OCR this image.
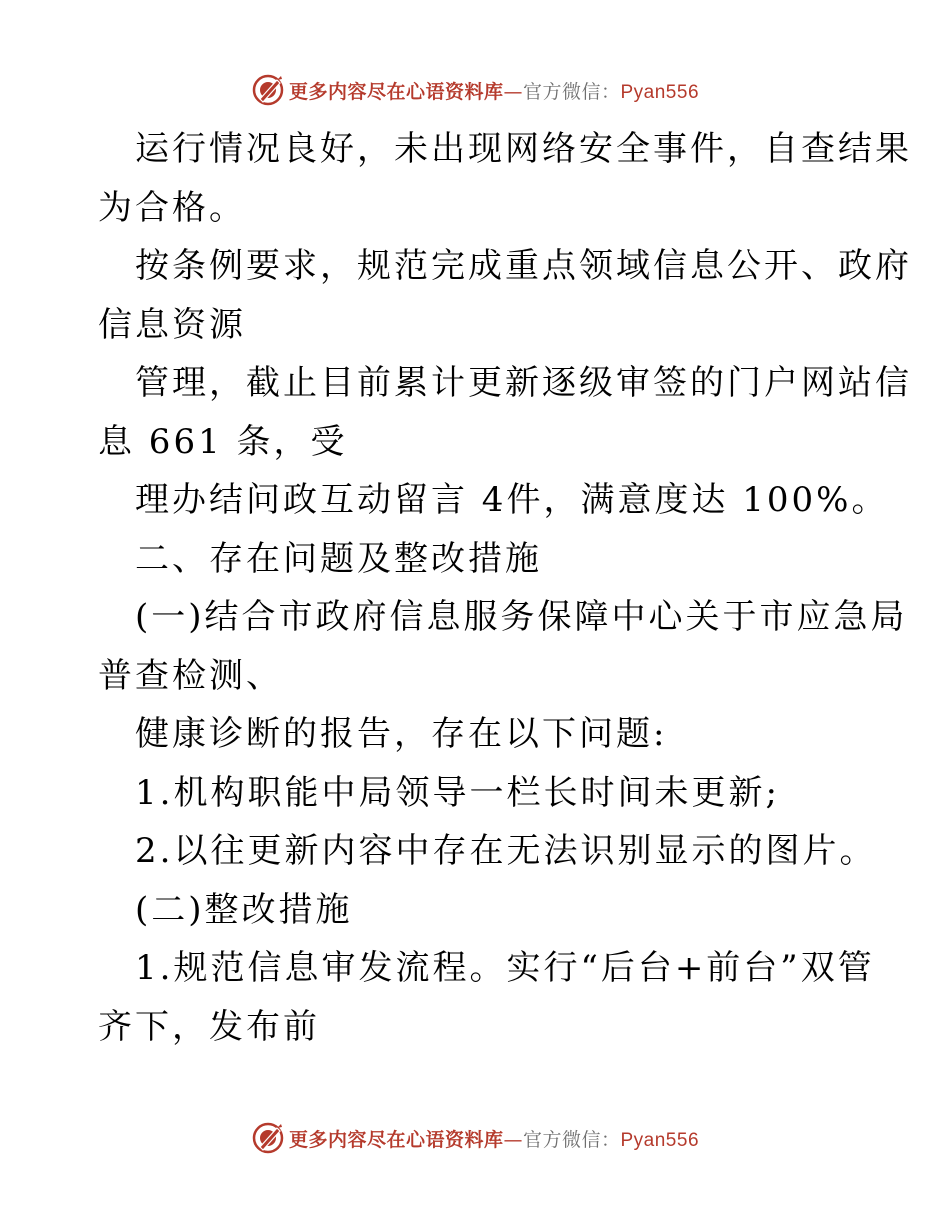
更多内容尽在心语资料库—官方微信：Pyan556
运行情况良好，未出现网络安全事件，自查结果
为合格。
按条例要求，规范完成重点领域信息公开、政府
信息资源
管理，截止目前累计更新逐级审签的门户网站信
息 661 条，受
理办结问政互动留言 4件，满意度达 100%。
二、存在问题及整改措施
(一)结合市政府信息服务保障中心关于市应急局
普查检测、
健康诊断的报告，存在以下问题:
1.机构职能中局领导一栏长时间未更新;
2.以往更新内容中存在无法识别显示的图片。
(二)整改措施
1.规范信息审发流程。实行“后台+前台”双管
齐下，发布前
更多内容尽在心语资料库—官方微信：Pyan556
